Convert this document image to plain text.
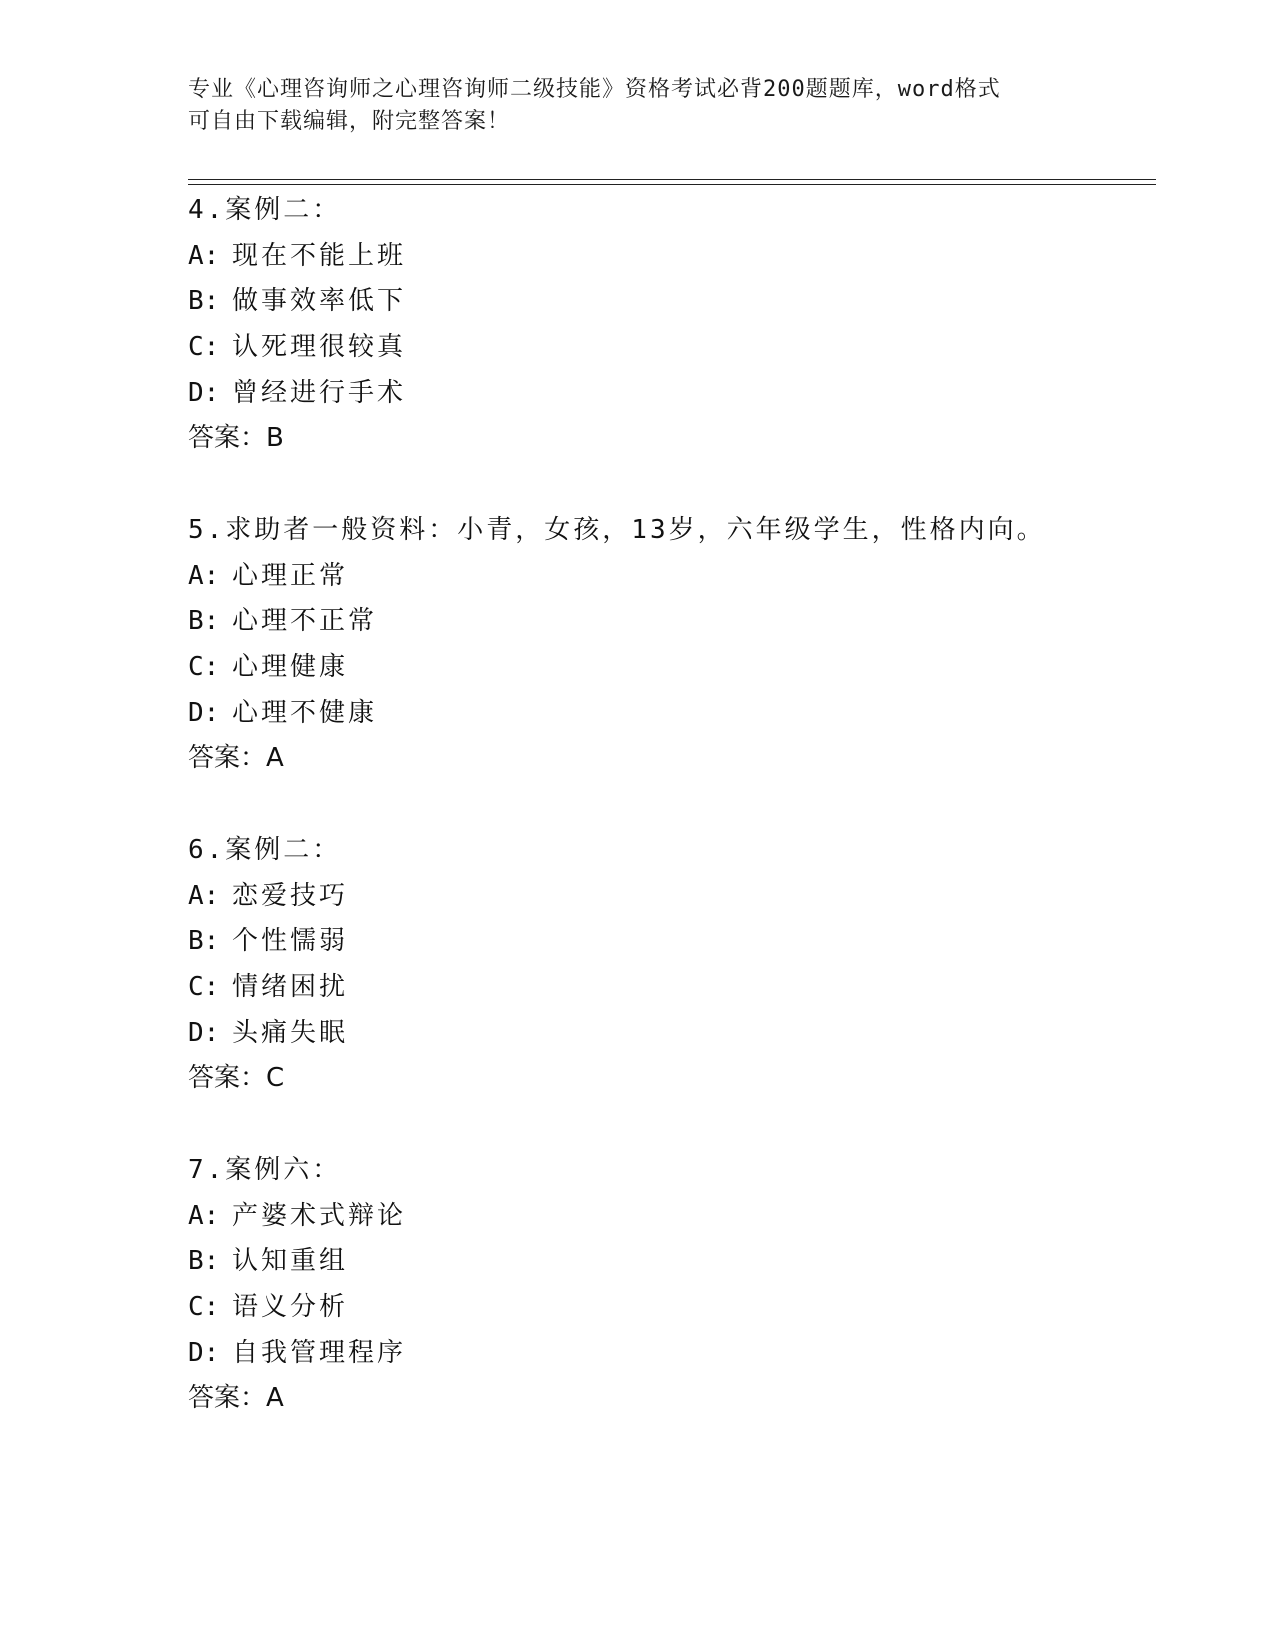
专业《心理咨询师之心理咨询师二级技能》资格考试必背200题题库，word格式
可自由下载编辑，附完整答案！
4.案例二：
A: 现在不能上班
B: 做事效率低下
C: 认死理很较真
D: 曾经进行手术
答案：B
5.求助者一般资料：小青，女孩，13岁，六年级学生，性格内向。
A: 心理正常
B: 心理不正常
C: 心理健康
D: 心理不健康
答案：A
6.案例二：
A: 恋爱技巧
B: 个性懦弱
C: 情绪困扰
D: 头痛失眠
答案：C
7.案例六：
A: 产婆术式辩论
B: 认知重组
C: 语义分析
D: 自我管理程序
答案：A
